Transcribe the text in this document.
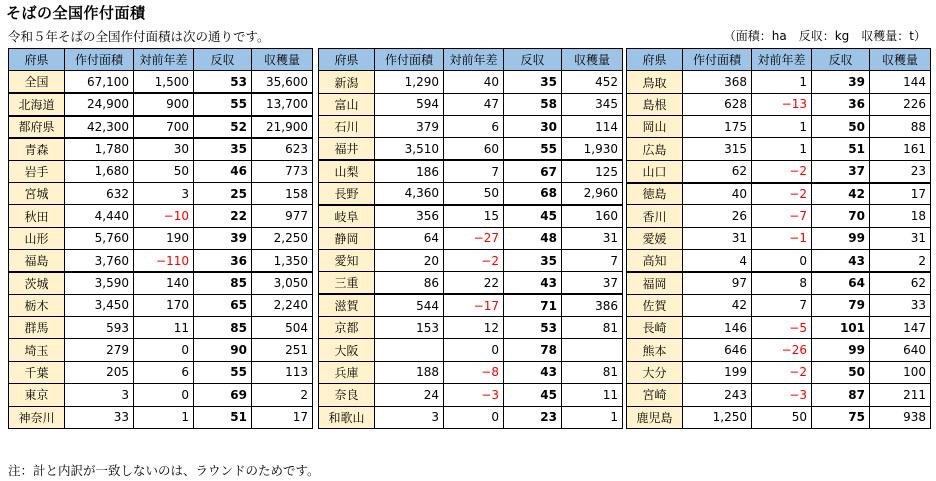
そばの全国作付面積
令和５年そばの全国作付面積は次の通りです。	（面積：ha　反収：kg　収穫量：t）
府県	作付面積	対前年差	反収	収穫量
全国	67,100	1,500	53	35,600
北海道	24,900	900	55	13,700
都府県	42,300	700	52	21,900
青森	1,780	30	35	623
岩手	1,680	50	46	773
宮城	632	3	25	158
秋田	4,440	−10	22	977
山形	5,760	190	39	2,250
福島	3,760	−110	36	1,350
茨城	3,590	140	85	3,050
栃木	3,450	170	65	2,240
群馬	593	11	85	504
埼玉	279	0	90	251
千葉	205	6	55	113
東京	3	0	69	2
神奈川	33	1	51	17
府県	作付面積	対前年差	反収	収穫量	
新潟	1,290	40	35	452	
富山	594	47	58	345	
石川	379	6	30	114	
福井	3,510	60	55	1,930	
山梨	186	7	67	125	
長野	4,360	50	68	2,960	
岐阜	356	15	45	160	
静岡	64	−27	48	31	
愛知	20	−2	35	7	
三重	86	22	43	37	
滋賀	544	−17	71	386	
京都	153	12	53	81	
大阪		0	78		
兵庫	188	−8	43	81	
奈良	24	−3	45	11	
和歌山	3	0	23	1	
府県	作付面積	対前年差	反収	収穫量
鳥取	368	1	39	144
島根	628	−13	36	226
岡山	175	1	50	88
広島	315	1	51	161
山口	62	−2	37	23
徳島	40	−2	42	17
香川	26	−7	70	18
愛媛	31	−1	99	31
高知	4	0	43	2
福岡	97	8	64	62
佐賀	42	7	79	33
長崎	146	−5	101	147
熊本	646	−26	99	640
大分	199	−2	50	100
宮崎	243	−3	87	211
鹿児島	1,250	50	75	938
注：計と内訳が一致しないのは、ラウンドのためです。
